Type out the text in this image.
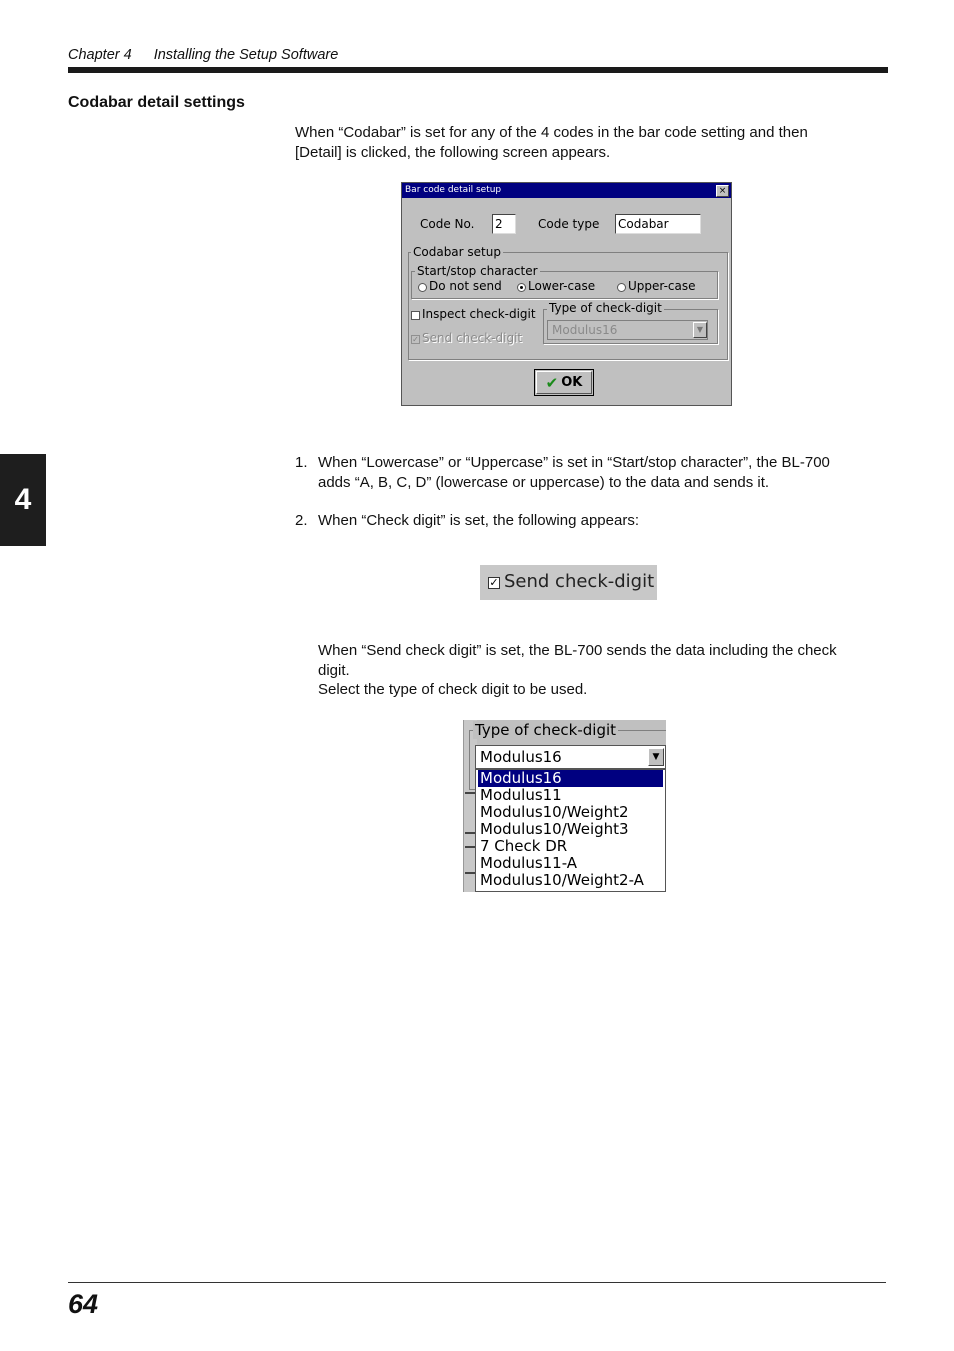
Chapter 4 Installing the Setup Software
Codabar detail settings
When “Codabar” is set for any of the 4 codes in the bar code setting and then
[Detail] is clicked, the following screen appears.
4
Bar code detail setup	×
Code No. 2	Code type Codabar
Codabar setup
Start/stop character
Do not send Lower-case	Upper-case
Inspect check-digit
✓ Send check-digit
Type of check-digit
Modulus16	▼
✔ OK
1. When “Lowercase” or “Uppercase” is set in “Start/stop character”, the BL-700
adds “A, B, C, D” (lowercase or uppercase) to the data and sends it.
2. When “Check digit” is set, the following appears:
✓ Send check-digit
When “Send check digit” is set, the BL-700 sends the data including the check
digit.
Select the type of check digit to be used.
Type of check-digit
Modulus16	▼
Modulus16
Modulus11
Modulus10/Weight2
Modulus10/Weight3
7 Check DR
Modulus11-A
Modulus10/Weight2-A
64
